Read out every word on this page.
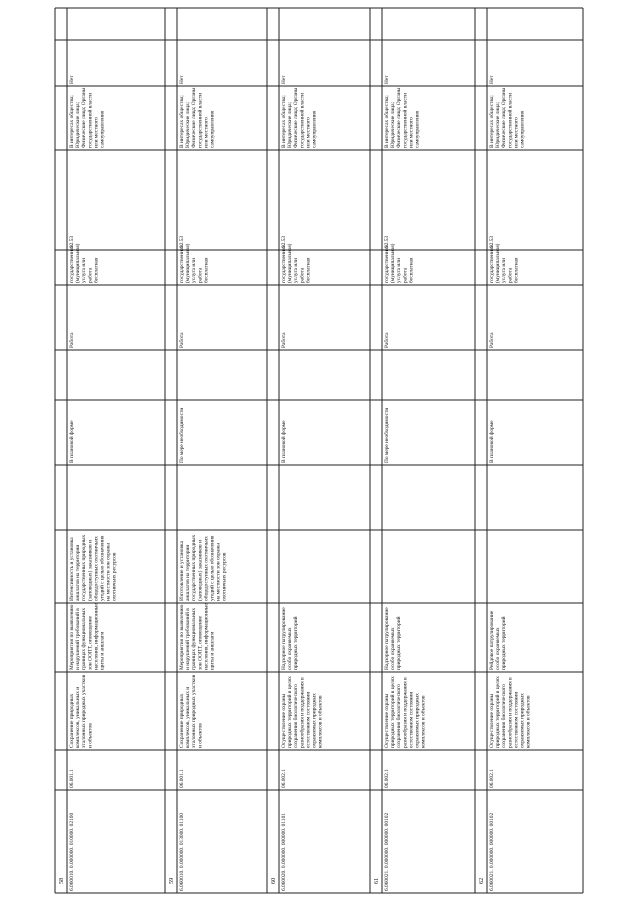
58 6.060010. 0.000000. 010000. 02100
06.001.1
Сохранение природныхкомплексов, уникальных иэталонных природных участкови объектов
Мероприятия по выявлениюи нарушений требований вграницах функциональныхзон ООПТ, оповещениенаселения, информационныещиты и аншлаги
Интенсивность и установкааншлагов на территориигосударственных природных(заповедных) заказников иобщедоступных охотничьихугодий с целью обозначенияна местности зон охраныохотничьих ресурсов
В плановой форме
Работа
государственная(муниципальная)услуга илиработабесплатная
92.53
В интересах общества;Юридические лица;Физические лица; Органыгосударственной властиили местногосамоуправления
Нет
59 6.060010. 0.000000. 013000. 01100
06.001.1
Сохранение природныхкомплексов, уникальных иэталонных природных участкови объектов
Мероприятия по выявлениюи нарушений требований вграницах функциональныхзон ООПТ, оповещениенаселения, информационныещиты и аншлаги
Изготовление и установкааншлагов на территориигосударственных природных(заповедных) заказников иобщедоступных охотничьихугодий с целью обозначенияна местности зон охраныохотничьих ресурсов
По мере необходимости
Работа
государственная(муниципальная)услуга илиработабесплатная
92.53
В интересах общества;Юридические лица;Физические лица; Органыгосударственной властиили местногосамоуправления
Нет
60 6.060020. 0.000000. 000000. 01101
06.002.1
Осуществление охраныприродных территорий в целяхсохранения биологическогоразнообразия и поддержания вестественном состоянииохраняемых природныхкомплексов и объектов
Надзорное патрулированиеособо охраняемыхприродных территорий
В плановой форме
Работа
государственная(муниципальная)услуга илиработабесплатная
92.53
В интересах общества;Юридические лица;Физические лица; Органыгосударственной властиили местногосамоуправления
Нет
61 6.060021. 0.000000. 000000. 00102
06.002.1
Осуществление охраныприродных территорий в целяхсохранения биологическогоразнообразия и поддержания вестественном состоянииохраняемых природныхкомплексов и объектов
Надзорное патрулированиеособо охраняемыхприродных территорий
По мере необходимости
Работа
государственная(муниципальная)услуга илиработабесплатная
92.53
В интересах общества;Юридические лица;Физические лица; Органыгосударственной властиили местногосамоуправления
Нет
62 6.060021. 0.000000. 000000. 00102
06.002.1
Осуществление охраныприродных территорий в целяхсохранения биологическогоразнообразия и поддержания вестественном состоянииохраняемых природныхкомплексов и объектов
Рейдовое патрулированиеособо охраняемыхприродных территорий
В плановой форме
Работа
государственная(муниципальная)услуга илиработабесплатная
92.53
В интересах общества;Юридические лица;Физические лица; Органыгосударственной властиили местногосамоуправления
Нет
